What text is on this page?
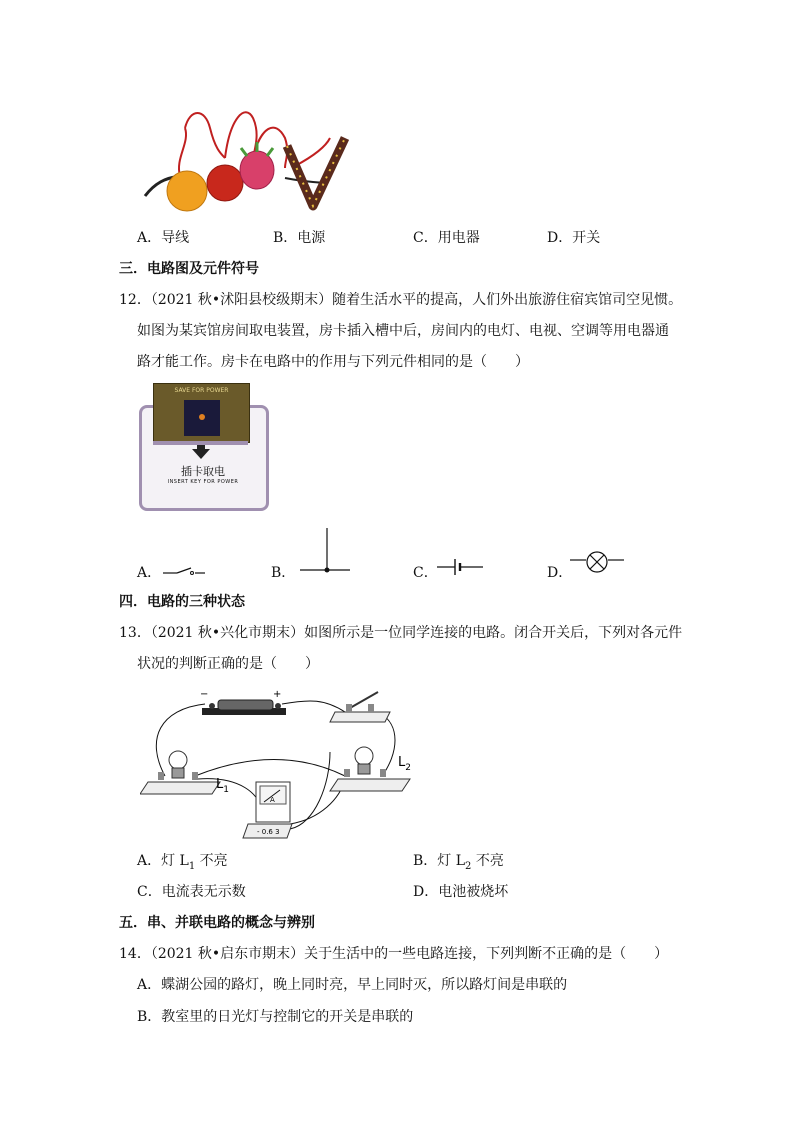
A．导线	B．电源	C．用电器	D．开关
三．电路图及元件符号
12．（2021 秋•沭阳县校级期末）随着生活水平的提高，人们外出旅游住宿宾馆司空见惯。
如图为某宾馆房间取电装置，房卡插入槽中后，房间内的电灯、电视、空调等用电器通
路才能工作。房卡在电路中的作用与下列元件相同的是（　　）
SAVE FOR POWER
插卡取电
INSERT KEY FOR POWER
A．	B．	C．	D．
四．电路的三种状态
13．（2021 秋•兴化市期末）如图所示是一位同学连接的电路。闭合开关后，下列对各元件
状况的判断正确的是（　　）
−	+
$L_1$
$L_2$
A
- 0.6 3
A．灯 $L_1$ 不亮	B．灯 $L_2$ 不亮
C．电流表无示数	D．电池被烧坏
五．串、并联电路的概念与辨别
14．（2021 秋•启东市期末）关于生活中的一些电路连接，下列判断不正确的是（　　）
A．蝶湖公园的路灯，晚上同时亮，早上同时灭，所以路灯间是串联的
B．教室里的日光灯与控制它的开关是串联的
